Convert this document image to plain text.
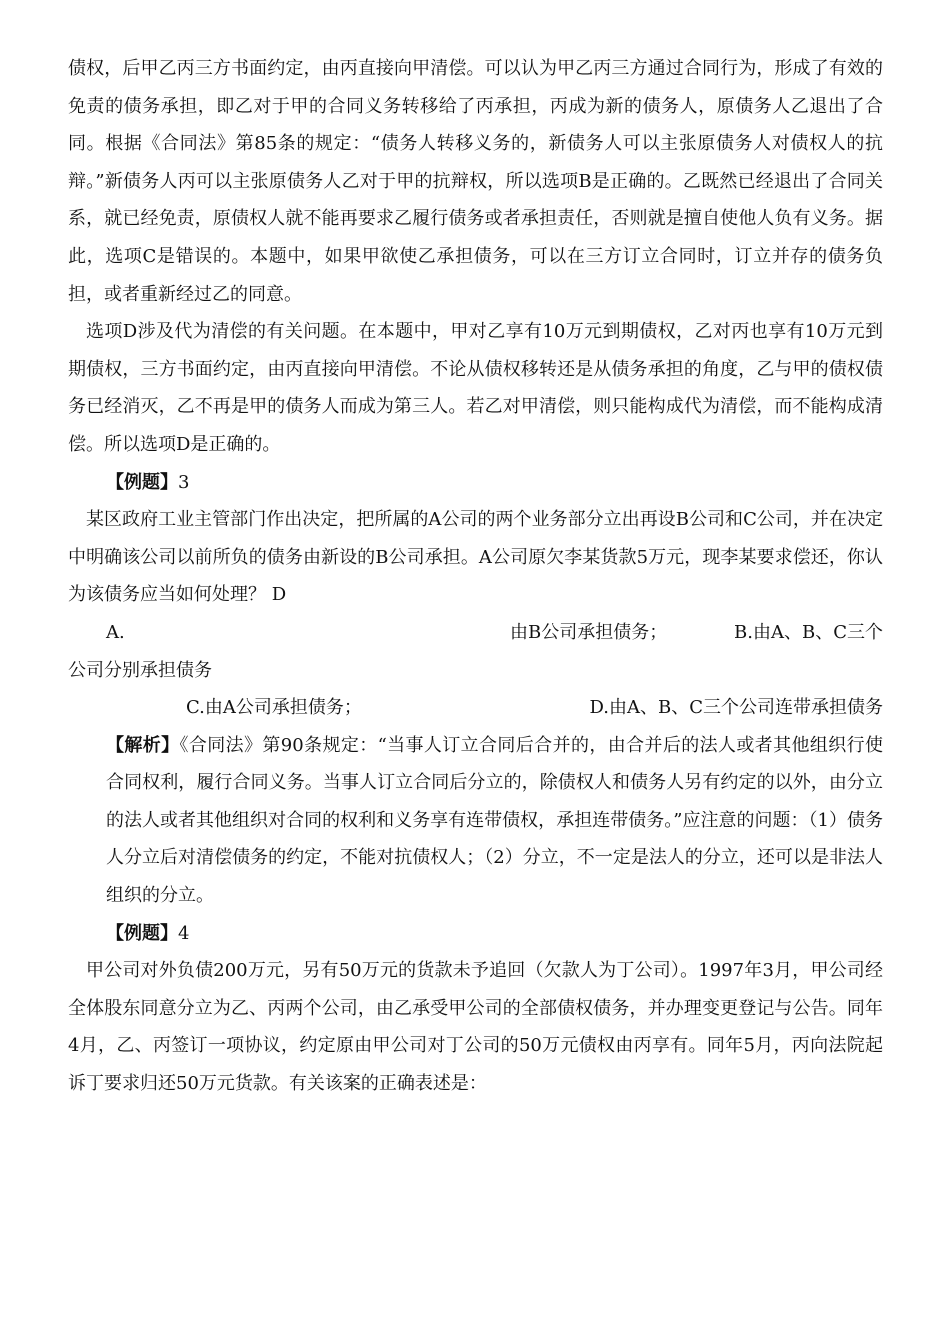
债权，后甲乙丙三方书面约定，由丙直接向甲清偿。可以认为甲乙丙三方通过合同行为，形成了有效的免责的债务承担，即乙对于甲的合同义务转移给了丙承担，丙成为新的债务人，原债务人乙退出了合同。根据《合同法》第85条的规定：“债务人转移义务的，新债务人可以主张原债务人对债权人的抗辩。”新债务人丙可以主张原债务人乙对于甲的抗辩权，所以选项B是正确的。乙既然已经退出了合同关系，就已经免责，原债权人就不能再要求乙履行债务或者承担责任，否则就是擅自使他人负有义务。据此，选项C是错误的。本题中，如果甲欲使乙承担债务，可以在三方订立合同时，订立并存的债务负担，或者重新经过乙的同意。

选项D涉及代为清偿的有关问题。在本题中，甲对乙享有10万元到期债权，乙对丙也享有10万元到期债权，三方书面约定，由丙直接向甲清偿。不论从债权移转还是从债务承担的角度，乙与甲的债权债务已经消灭，乙不再是甲的债务人而成为第三人。若乙对甲清偿，则只能构成代为清偿，而不能构成清偿。所以选项D是正确的。

【例题】3

某区政府工业主管部门作出决定，把所属的A公司的两个业务部分立出再设B公司和C公司，并在决定中明确该公司以前所负的债务由新设的B公司承担。A公司原欠李某货款5万元，现李某要求偿还，你认为该债务应当如何处理？ D

A.	由B公司承担债务；	B.由A、B、C三个

公司分别承担债务

C.由A公司承担债务；	D.由A、B、C三个公司连带承担债务

【解析】《合同法》第90条规定：“当事人订立合同后合并的，由合并后的法人或者其他组织行使合同权利，履行合同义务。当事人订立合同后分立的，除债权人和债务人另有约定的以外，由分立的法人或者其他组织对合同的权利和义务享有连带债权，承担连带债务。”应注意的问题：（1）债务人分立后对清偿债务的约定，不能对抗债权人；（2）分立，不一定是法人的分立，还可以是非法人组织的分立。

【例题】4

甲公司对外负债200万元，另有50万元的货款未予追回（欠款人为丁公司）。1997年3月，甲公司经全体股东同意分立为乙、丙两个公司，由乙承受甲公司的全部债权债务，并办理变更登记与公告。同年4月，乙、丙签订一项协议，约定原由甲公司对丁公司的50万元债权由丙享有。同年5月，丙向法院起诉丁要求归还50万元货款。有关该案的正确表述是：
